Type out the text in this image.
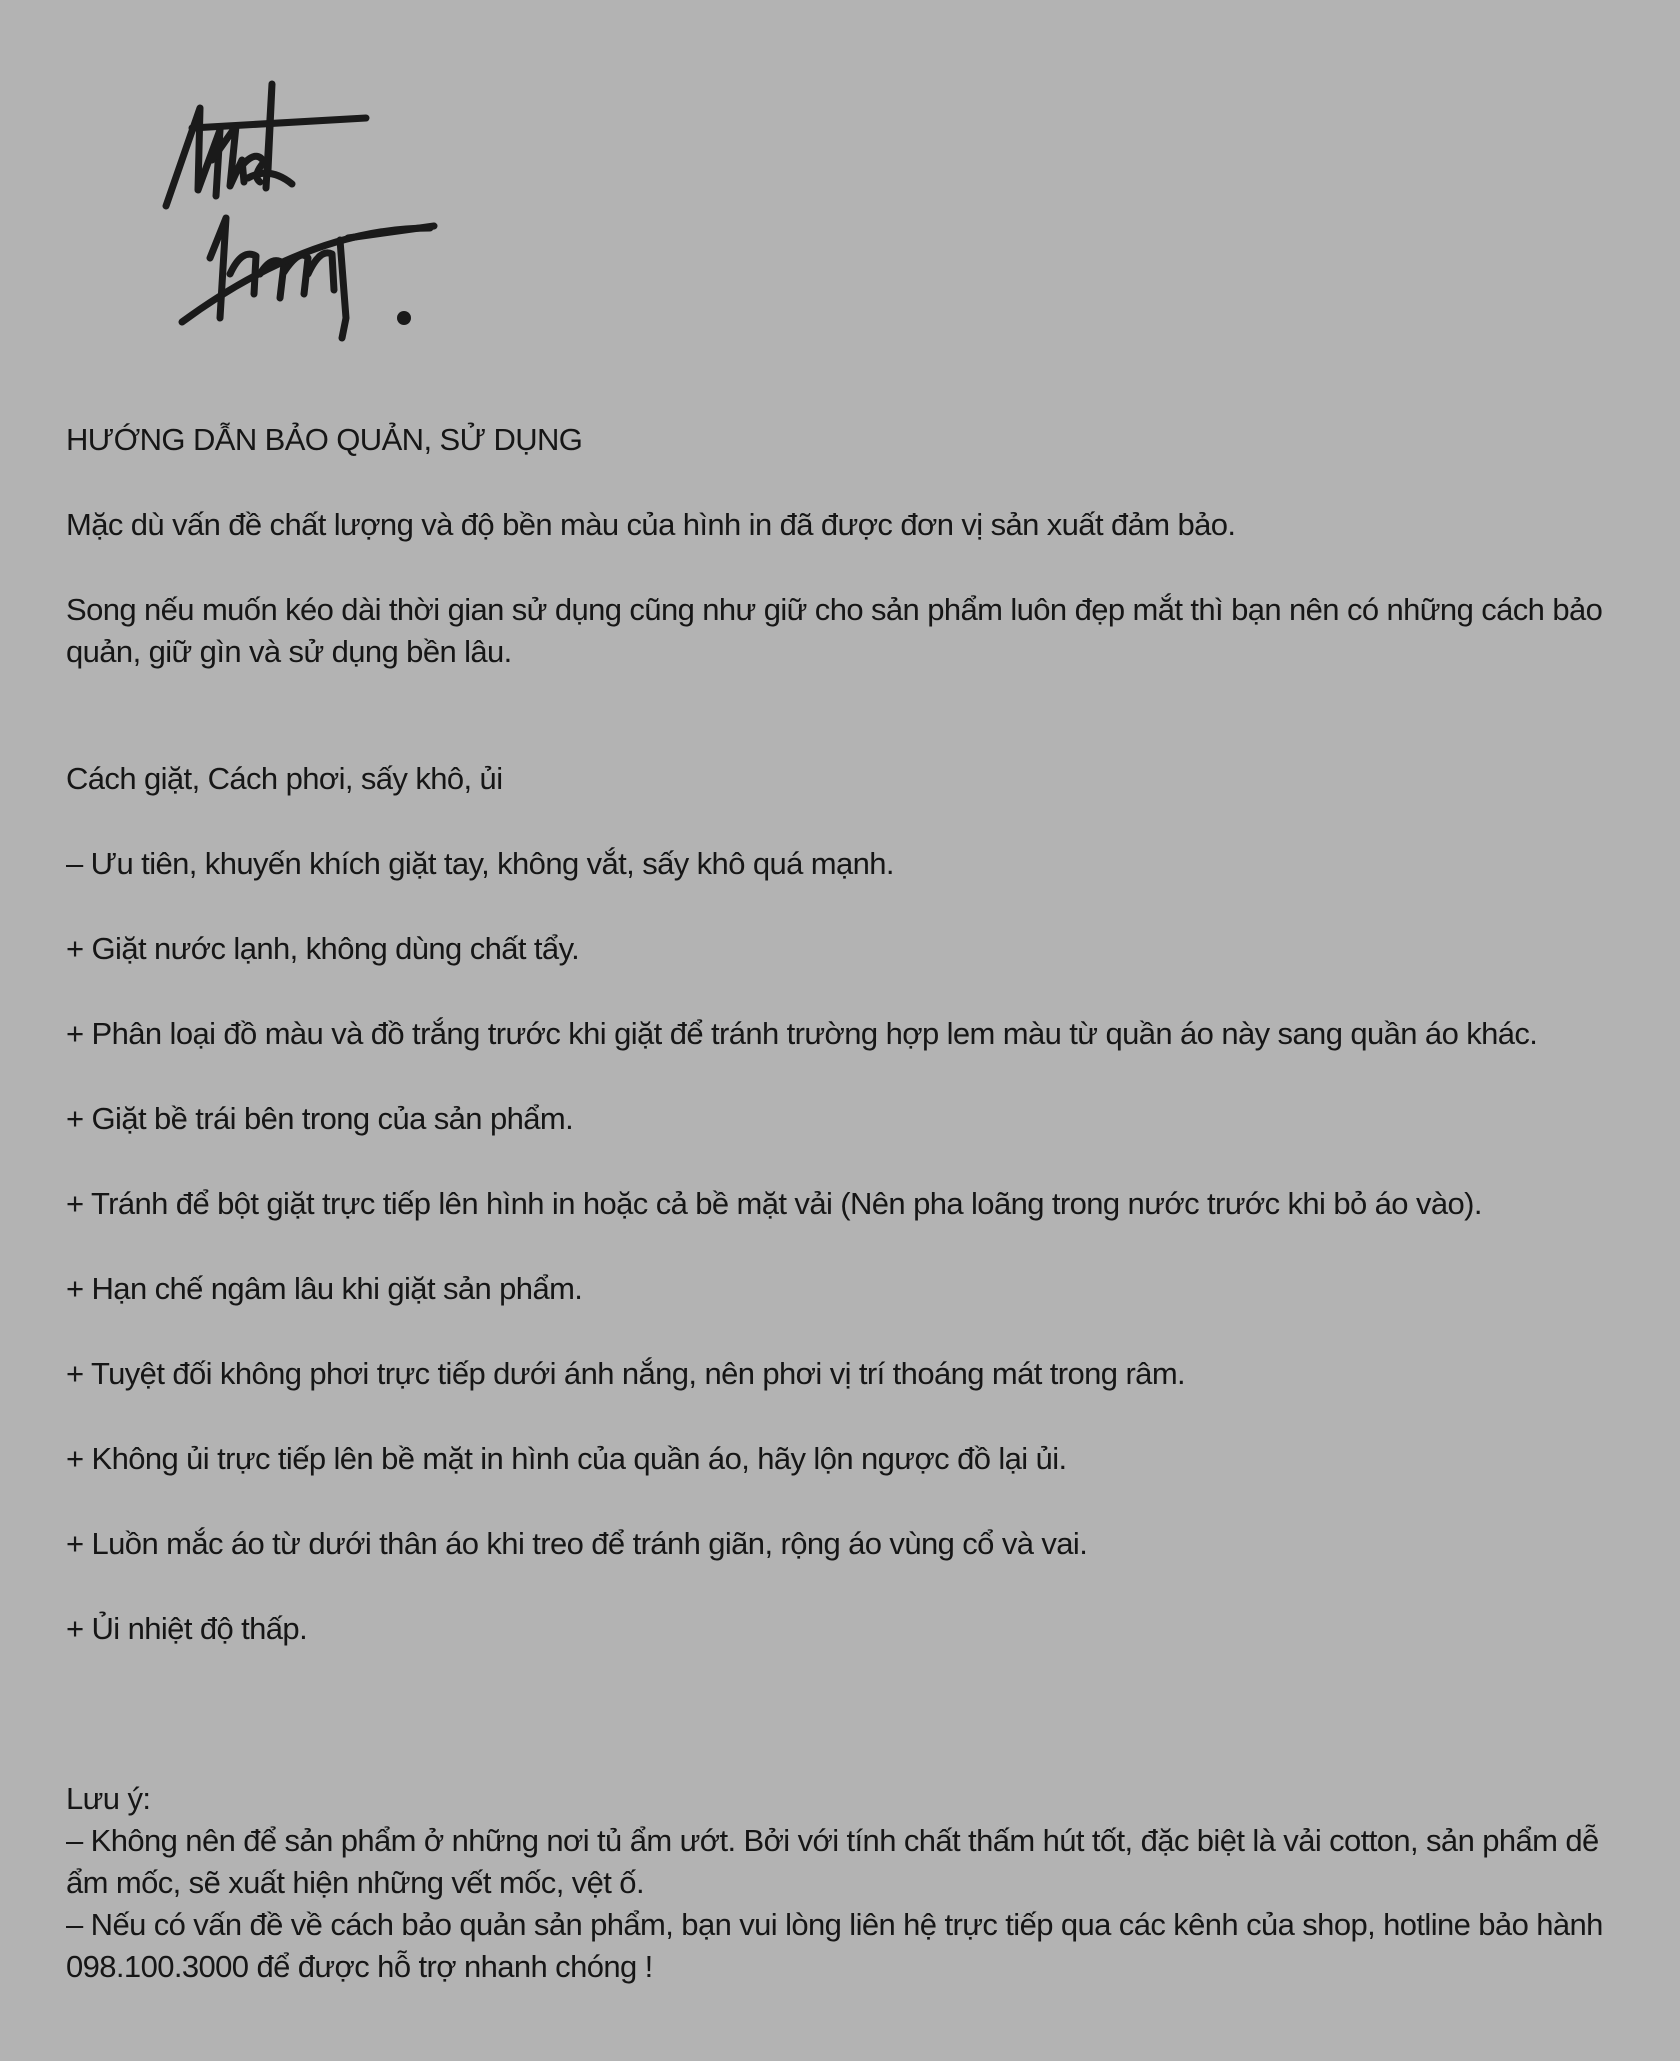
HƯỚNG DẪN BẢO QUẢN, SỬ DỤNG

Mặc dù vấn đề chất lượng và độ bền màu của hình in đã được đơn vị sản xuất đảm bảo.

Song nếu muốn kéo dài thời gian sử dụng cũng như giữ cho sản phẩm luôn đẹp mắt thì bạn nên có những cách bảo quản, giữ gìn và sử dụng bền lâu.

Cách giặt, Cách phơi, sấy khô, ủi

– Ưu tiên, khuyến khích giặt tay, không vắt, sấy khô quá mạnh.

+ Giặt nước lạnh, không dùng chất tẩy.

+ Phân loại đồ màu và đồ trắng trước khi giặt để tránh trường hợp lem màu từ quần áo này sang quần áo khác.

+ Giặt bề trái bên trong của sản phẩm.

+ Tránh để bột giặt trực tiếp lên hình in hoặc cả bề mặt vải (Nên pha loãng trong nước trước khi bỏ áo vào).

+ Hạn chế ngâm lâu khi giặt sản phẩm.

+ Tuyệt đối không phơi trực tiếp dưới ánh nắng, nên phơi vị trí thoáng mát trong râm.

+ Không ủi trực tiếp lên bề mặt in hình của quần áo, hãy lộn ngược đồ lại ủi.

+ Luồn mắc áo từ dưới thân áo khi treo để tránh giãn, rộng áo vùng cổ và vai.

+ Ủi nhiệt độ thấp.

Lưu ý:

– Không nên để sản phẩm ở những nơi tủ ẩm ướt. Bởi với tính chất thấm hút tốt, đặc biệt là vải cotton, sản phẩm dễ ẩm mốc, sẽ xuất hiện những vết mốc, vệt ố.

– Nếu có vấn đề về cách bảo quản sản phẩm, bạn vui lòng liên hệ trực tiếp qua các kênh của shop, hotline bảo hành 098.100.3000 để được hỗ trợ nhanh chóng !
